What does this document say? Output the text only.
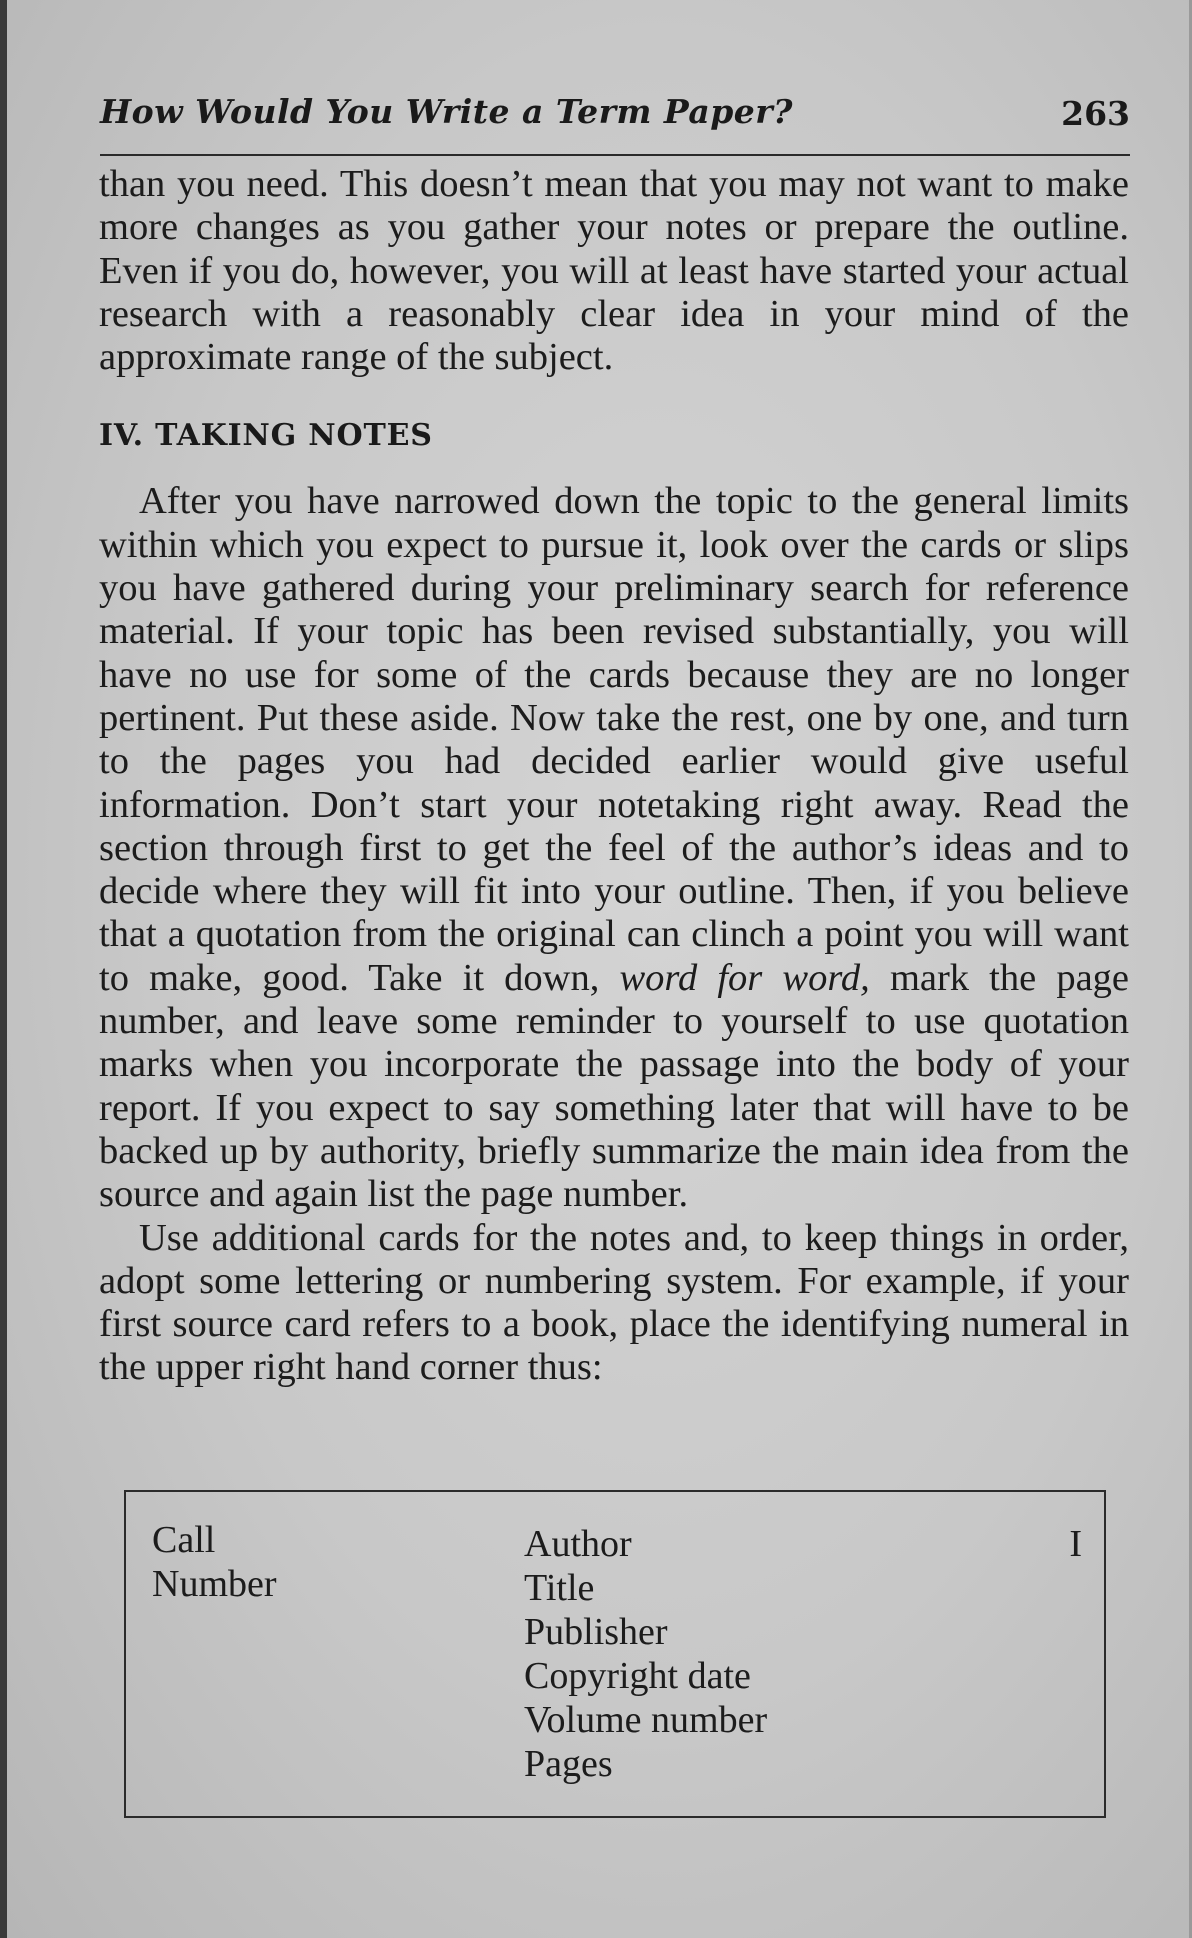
How Would You Write a Term Paper?	263

than you need. This doesn’t mean that you may not want to make more changes as you gather your notes or prepare the outline. Even if you do, however, you will at least have started your actual research with a reasonably clear idea in your mind of the approximate range of the subject.

IV. TAKING NOTES

After you have narrowed down the topic to the general limits within which you expect to pursue it, look over the cards or slips you have gathered during your preliminary search for reference material. If your topic has been revised substantially, you will have no use for some of the cards because they are no longer pertinent. Put these aside. Now take the rest, one by one, and turn to the pages you had decided earlier would give useful information. Don’t start your notetaking right away. Read the section through first to get the feel of the author’s ideas and to decide where they will fit into your outline. Then, if you believe that a quotation from the original can clinch a point you will want to make, good. Take it down, word for word, mark the page number, and leave some reminder to yourself to use quotation marks when you incorporate the passage into the body of your report. If you expect to say something later that will have to be backed up by authority, briefly summarize the main idea from the source and again list the page number.

Use additional cards for the notes and, to keep things in order, adopt some lettering or numbering system. For example, if your first source card refers to a book, place the identifying numeral in the upper right hand corner thus:

Call
Number
Author
Title
Publisher
Copyright date
Volume number
Pages
I
